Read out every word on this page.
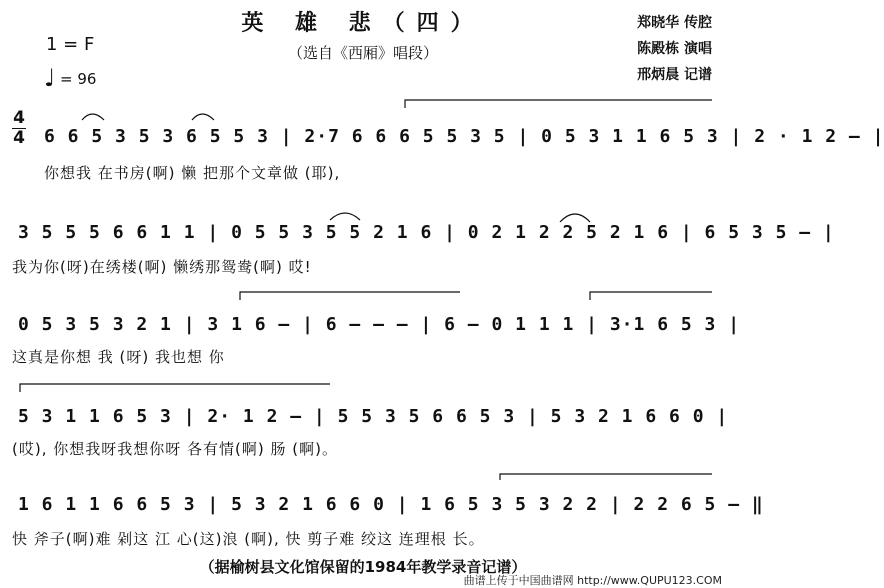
英 雄 悲（四）
（选自《西厢》唱段）
郑晓华 传腔
陈殿栋 演唱
邢炳晨 记谱
1 = F
♩ = 96
4
4 6 6 5 3 5 3 6 5 5 3 | 2·7 6 6 6 5 5 3 5 | 0 5 3 1 1 6 5 3 | 2 · 1 2 – |
你想我 在书房(啊) 懒 把那个文章做 (耶),
3 5 5 5 6 6 1 1 | 0 5 5 3 5 5 2 1 6 | 0 2 1 2 2 5 2 1 6 | 6 5 3 5 – |
我为你(呀)在绣楼(啊) 懒绣那鸳鸯(啊) 哎!
0 5 3 5 3 2 1 | 3 1 6 – | 6 – – – | 6 – 0 1 1 1 | 3·1 6 5 3 |
这真是你想 我 (呀) 我也想 你
5 3 1 1 6 5 3 | 2· 1 2 – | 5 5 3 5 6 6 5 3 | 5 3 2 1 6 6 0 |
(哎), 你想我呀我想你呀 各有情(啊) 肠 (啊)。
1 6 1 1 6 6 5 3 | 5 3 2 1 6 6 0 | 1 6 5 3 5 3 2 2 | 2 2 6 5 – ‖
快 斧子(啊)难 剁这 江 心(这)浪 (啊), 快 剪子难 绞这 连理根 长。
（据榆树县文化馆保留的1984年教学录音记谱）
曲谱上传于中国曲谱网 http://www.QUPU123.COM
